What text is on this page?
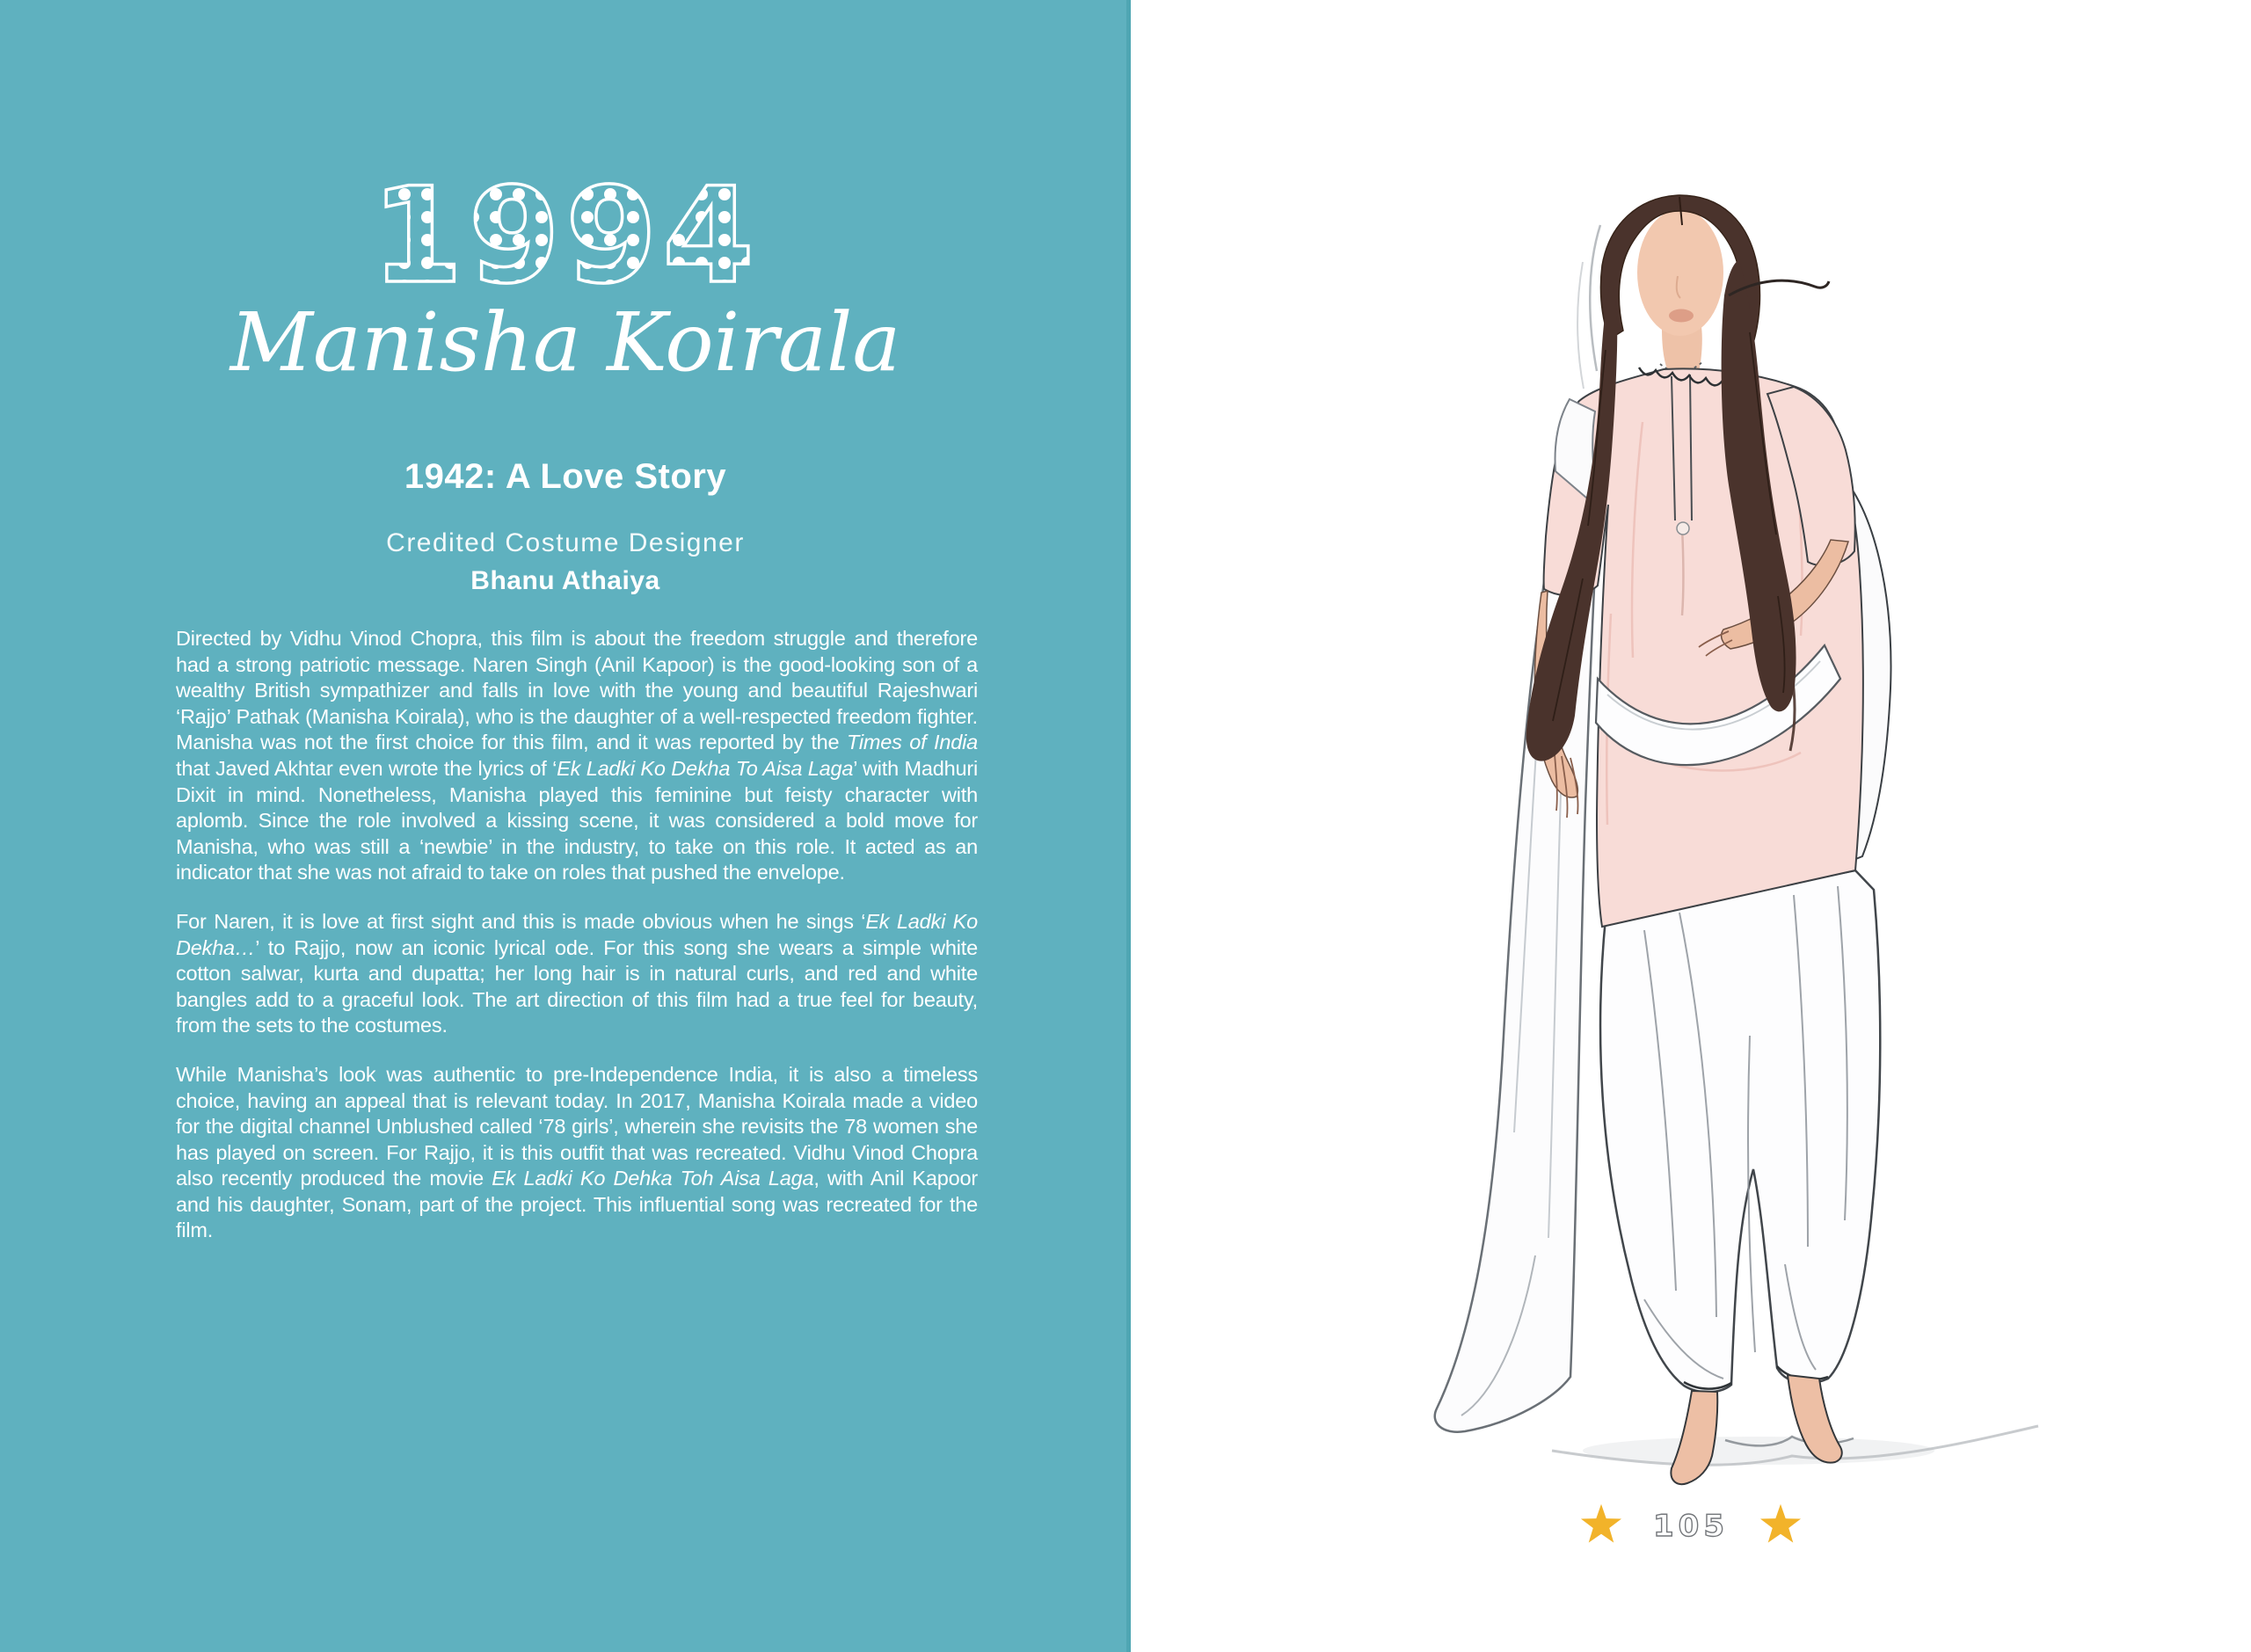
1994
Manisha Koirala
1942: A Love Story
Credited Costume Designer
Bhanu Athaiya

Directed by Vidhu Vinod Chopra, this film is about the freedom struggle and therefore had a strong patriotic message. Naren Singh (Anil Kapoor) is the good-looking son of a wealthy British sympathizer and falls in love with the young and beautiful Rajeshwari ‘Rajjo’ Pathak (Manisha Koirala), who is the daughter of a well-respected freedom fighter. Manisha was not the first choice for this film, and it was reported by the Times of India that Javed Akhtar even wrote the lyrics of ‘Ek Ladki Ko Dekha To Aisa Laga’ with Madhuri Dixit in mind. Nonetheless, Manisha played this feminine but feisty character with aplomb. Since the role involved a kissing scene, it was considered a bold move for Manisha, who was still a ‘newbie’ in the industry, to take on this role. It acted as an indicator that she was not afraid to take on roles that pushed the envelope.

For Naren, it is love at first sight and this is made obvious when he sings ‘Ek Ladki Ko Dekha…’ to Rajjo, now an iconic lyrical ode. For this song she wears a simple white cotton salwar, kurta and dupatta; her long hair is in natural curls, and red and white bangles add to a graceful look. The art direction of this film had a true feel for beauty, from the sets to the costumes.

While Manisha’s look was authentic to pre-Independence India, it is also a timeless choice, having an appeal that is relevant today. In 2017, Manisha Koirala made a video for the digital channel Unblushed called ‘78 girls’, wherein she revisits the 78 women she has played on screen. For Rajjo, it is this outfit that was recreated. Vidhu Vinod Chopra also recently produced the movie Ek Ladki Ko Dehka Toh Aisa Laga, with Anil Kapoor and his daughter, Sonam, part of the project. This influential song was recreated for the film.

105
